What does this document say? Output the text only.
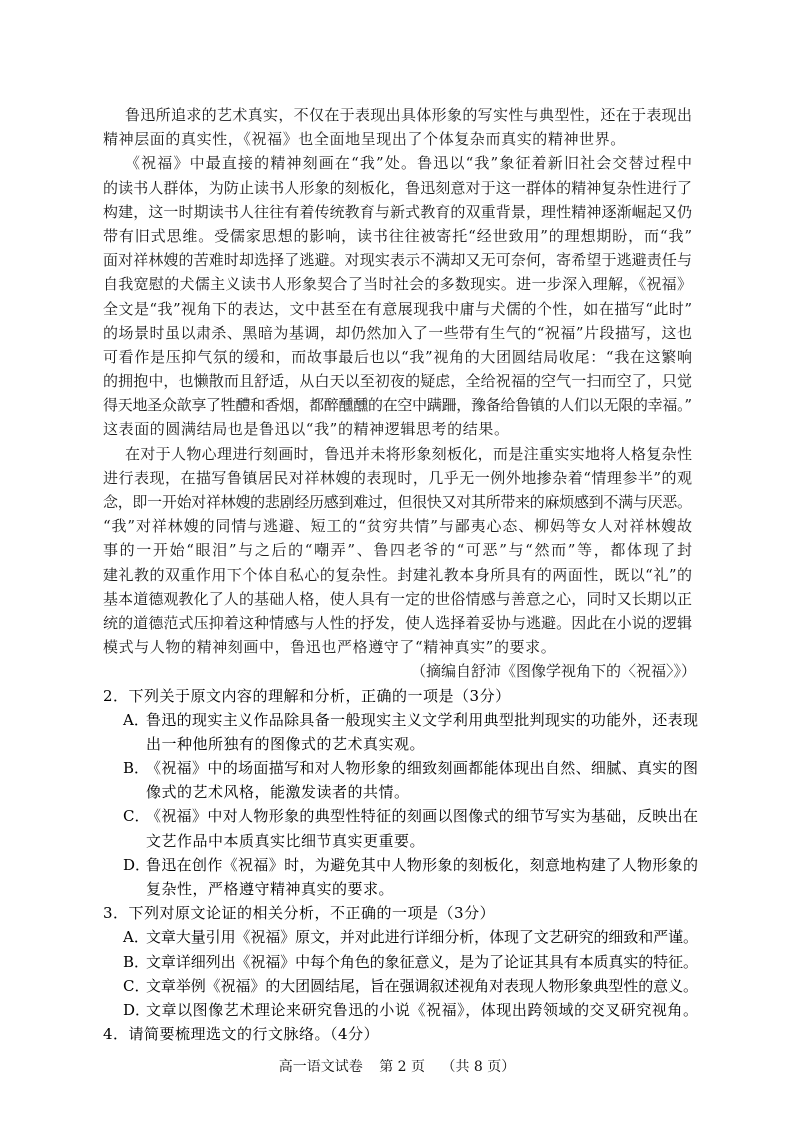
鲁迅所追求的艺术真实，不仅在于表现出具体形象的写实性与典型性，还在于表现出
精神层面的真实性，《祝福》也全面地呈现出了个体复杂而真实的精神世界。
《祝福》中最直接的精神刻画在“我”处。鲁迅以“我”象征着新旧社会交替过程中
的读书人群体，为防止读书人形象的刻板化，鲁迅刻意对于这一群体的精神复杂性进行了
构建，这一时期读书人往往有着传统教育与新式教育的双重背景，理性精神逐渐崛起又仍
带有旧式思维。受儒家思想的影响，读书往往被寄托“经世致用”的理想期盼，而“我”
面对祥林嫂的苦难时却选择了逃避。对现实表示不满却又无可奈何，寄希望于逃避责任与
自我宽慰的犬儒主义读书人形象契合了当时社会的多数现实。进一步深入理解，《祝福》
全文是“我”视角下的表达，文中甚至在有意展现我中庸与犬儒的个性，如在描写“此时”
的场景时虽以肃杀、黑暗为基调，却仍然加入了一些带有生气的“祝福”片段描写，这也
可看作是压抑气氛的缓和，而故事最后也以“我”视角的大团圆结局收尾：“我在这繁响
的拥抱中，也懒散而且舒适，从白天以至初夜的疑虑，全给祝福的空气一扫而空了，只觉
得天地圣众歆享了牲醴和香烟，都醉醺醺的在空中蹒跚，豫备给鲁镇的人们以无限的幸福。”
这表面的圆满结局也是鲁迅以“我”的精神逻辑思考的结果。
在对于人物心理进行刻画时，鲁迅并未将形象刻板化，而是注重实实地将人格复杂性
进行表现，在描写鲁镇居民对祥林嫂的表现时，几乎无一例外地掺杂着“情理参半”的观
念，即一开始对祥林嫂的悲剧经历感到难过，但很快又对其所带来的麻烦感到不满与厌恶。
“我”对祥林嫂的同情与逃避、短工的“贫穷共情”与鄙夷心态、柳妈等女人对祥林嫂故
事的一开始“眼泪”与之后的“嘲弄”、鲁四老爷的“可恶”与“然而”等，都体现了封
建礼教的双重作用下个体自私心的复杂性。封建礼教本身所具有的两面性，既以“礼”的
基本道德观教化了人的基础人格，使人具有一定的世俗情感与善意之心，同时又长期以正
统的道德范式压抑着这种情感与人性的抒发，使人选择着妥协与逃避。因此在小说的逻辑
模式与人物的精神刻画中，鲁迅也严格遵守了“精神真实”的要求。
（摘编自舒沛《图像学视角下的〈祝福〉》）
2．下列关于原文内容的理解和分析，正确的一项是（3分）
A．
鲁迅的现实主义作品除具备一般现实主义文学利用典型批判现实的功能外，还表现
出一种他所独有的图像式的艺术真实观。
B．
《祝福》中的场面描写和对人物形象的细致刻画都能体现出自然、细腻、真实的图
像式的艺术风格，能激发读者的共情。
C．
《祝福》中对人物形象的典型性特征的刻画以图像式的细节写实为基础，反映出在
文艺作品中本质真实比细节真实更重要。
D．
鲁迅在创作《祝福》时，为避免其中人物形象的刻板化，刻意地构建了人物形象的
复杂性，严格遵守精神真实的要求。
3．下列对原文论证的相关分析，不正确的一项是（3分）
A．
文章大量引用《祝福》原文，并对此进行详细分析，体现了文艺研究的细致和严谨。
B．
文章详细列出《祝福》中每个角色的象征意义，是为了论证其具有本质真实的特征。
C．
文章举例《祝福》的大团圆结尾，旨在强调叙述视角对表现人物形象典型性的意义。
D．
文章以图像艺术理论来研究鲁迅的小说《祝福》，体现出跨领域的交叉研究视角。
4．请简要梳理选文的行文脉络。（4分）
高一语文试卷 第 2 页 （共 8 页）
